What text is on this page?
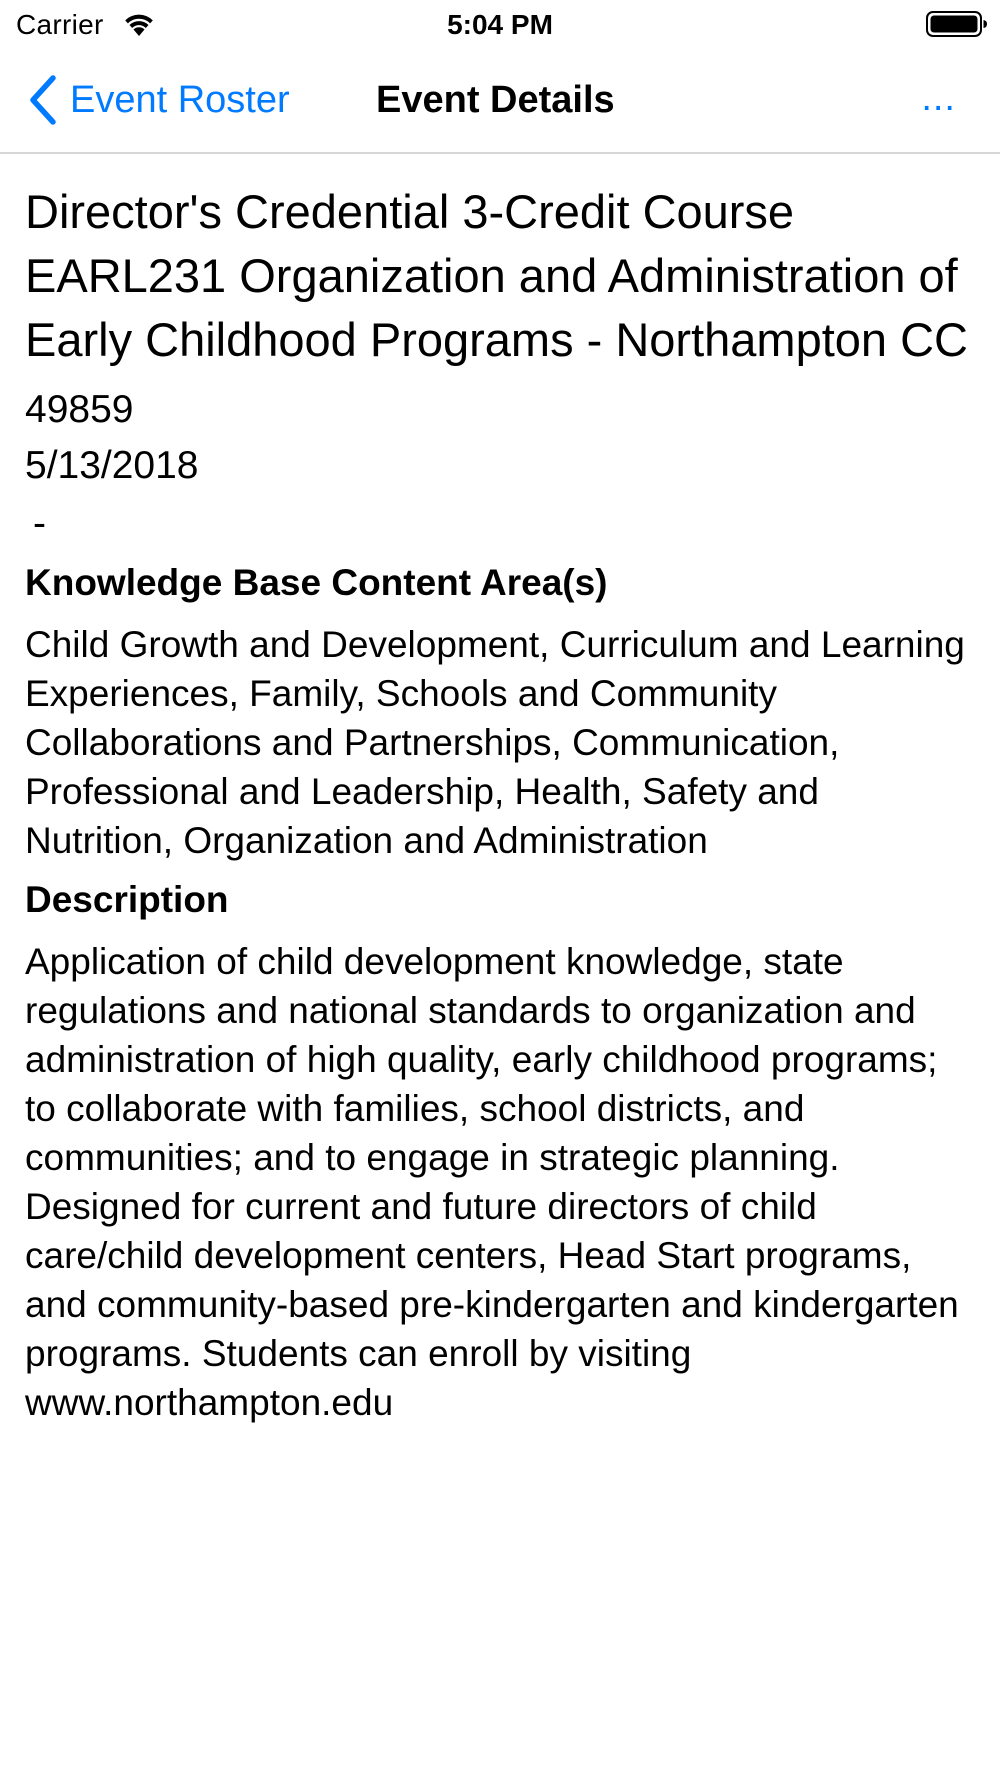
Carrier	5:04 PM
Event Roster Event Details	...
Director's Credential 3-Credit Course EARL231 Organization and Administration of Early Childhood Programs - Northampton CC
49859
5/13/2018
-
Knowledge Base Content Area(s)
Child Growth and Development, Curriculum and Learning Experiences, Family, Schools and Community Collaborations and Partnerships, Communication, Professional and Leadership, Health, Safety and Nutrition, Organization and Administration
Description
Application of child development knowledge, state regulations and national standards to organization and administration of high quality, early childhood programs; to collaborate with families, school districts, and communities; and to engage in strategic planning. Designed for current and future directors of child care/child development centers, Head Start programs, and community-based pre-kindergarten and kindergarten programs. Students can enroll by visiting www.northampton.edu
